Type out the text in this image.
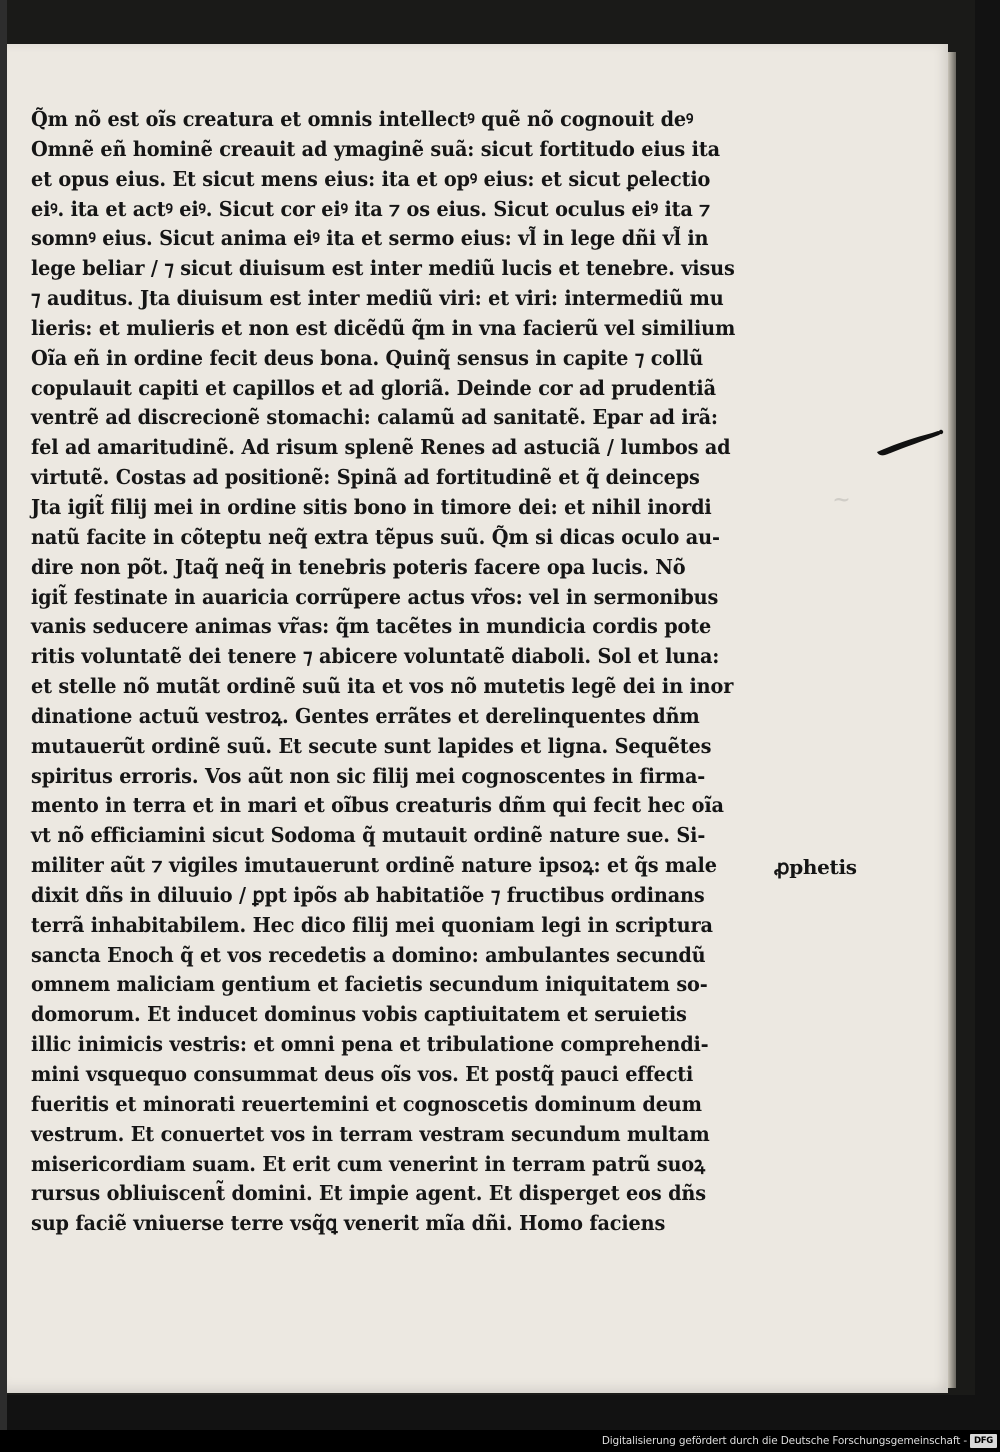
Q̃m nõ est oĩs creatura et omnis intellectꝰ quẽ nõ cognouit deꝰ
Omnẽ eñ hominẽ creauit ad ymaginẽ suã: sicut fortitudo eius ita
et opus eius. Et sicut mens eius: ita et opꝰ eius: et sicut ꝑelectio
eiꝰ. ita et actꝰ eiꝰ. Sicut cor eiꝰ ita ⁊ os eius. Sicut oculus eiꝰ ita ⁊
somnꝰ eius. Sicut anima eiꝰ ita et sermo eius: vl̃ in lege dñi vl̃ in
lege beliar / ⁊ sicut diuisum est inter mediũ lucis et tenebre. visus
⁊ auditus. Jta diuisum est inter mediũ viri: et viri: intermediũ mu
lieris: et mulieris et non est dicẽdũ q̃m in vna facierũ vel similium
Oĩa eñ in ordine fecit deus bona. Quinq̃ sensus in capite ⁊ collũ
copulauit capiti et capillos et ad gloriã. Deinde cor ad prudentiã
ventrẽ ad discrecionẽ stomachi: calamũ ad sanitatẽ. Epar ad irã:
fel ad amaritudinẽ. Ad risum splenẽ Renes ad astuciã / lumbos ad
virtutẽ. Costas ad positionẽ: Spinã ad fortitudinẽ et q̃ deinceps
Jta igit̃ filij mei in ordine sitis bono in timore dei: et nihil inordi
natũ facite in cõteptu neq̃ extra tẽpus suũ. Q̃m si dicas oculo au-
dire non põt. Jtaq̃ neq̃ in tenebris poteris facere opa lucis. Nõ
igit̃ festinate in auaricia corrũpere actus vr̃os: vel in sermonibus
vanis seducere animas vr̃as: q̃m tacẽtes in mundicia cordis pote
ritis voluntatẽ dei tenere ⁊ abicere voluntatẽ diaboli. Sol et luna:
et stelle nõ mutãt ordinẽ suũ ita et vos nõ mutetis legẽ dei in inor
dinatione actuũ vestroꝝ. Gentes errãtes et derelinquentes dñm
mutauerũt ordinẽ suũ. Et secute sunt lapides et ligna. Sequẽtes
spiritus erroris. Vos aũt non sic filij mei cognoscentes in firma-
mento in terra et in mari et oĩbus creaturis dñm qui fecit hec oĩa
vt nõ efficiamini sicut Sodoma q̃ mutauit ordinẽ nature sue. Si-
militer aũt ⁊ vigiles imutauerunt ordinẽ nature ipsoꝝ: et q̃s male
dixit dñs in diluuio / ꝑpt ipõs ab habitatiõe ⁊ fructibus ordinans
terrã inhabitabilem. Hec dico filij mei quoniam legi in scriptura
sancta Enoch q̃ et vos recedetis a domino: ambulantes secundũ
omnem maliciam gentium et facietis secundum iniquitatem so-
domorum. Et inducet dominus vobis captiuitatem et seruietis
illic inimicis vestris: et omni pena et tribulatione comprehendi-
mini vsquequo consummat deus oĩs vos. Et postq̃ pauci effecti
fueritis et minorati reuertemini et cognoscetis dominum deum
vestrum. Et conuertet vos in terram vestram secundum multam
misericordiam suam. Et erit cum venerint in terram patrũ suoꝝ
rursus obliuiscent̃ domini. Et impie agent. Et disperget eos dñs
sup faciẽ vniuerse terre vsq̃ꝗ venerit mĩa dñi. Homo faciens
ꝓphetis
~
Digitalisierung gefördert durch die Deutsche Forschungsgemeinschaft - DFG
